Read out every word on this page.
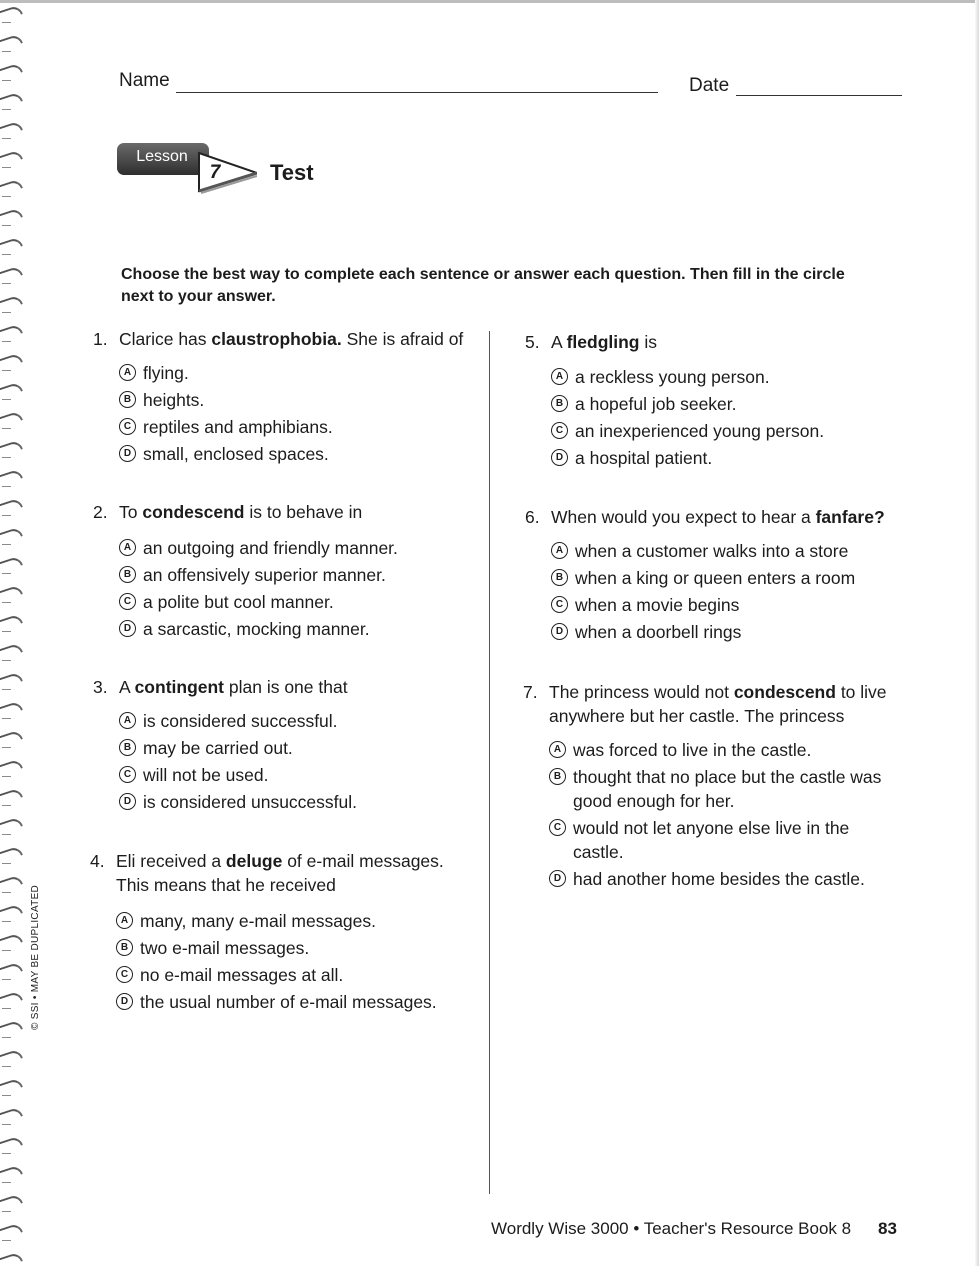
Name	Date
Lesson
7	Test
Choose the best way to complete each sentence or answer each question. Then fill in the circle next to your answer.
1. Clarice has claustrophobia. She is afraid of
A flying.
B heights.
C reptiles and amphibians.
D small, enclosed spaces.
2. To condescend is to behave in
A an outgoing and friendly manner.
B an offensively superior manner.
C a polite but cool manner.
D a sarcastic, mocking manner.
3. A contingent plan is one that
A is considered successful.
B may be carried out.
C will not be used.
D is considered unsuccessful.
4. Eli received a deluge of e-mail messages.
This means that he received
A many, many e-mail messages.
B two e-mail messages.
C no e-mail messages at all.
D the usual number of e-mail messages.
5. A fledgling is
A a reckless young person.
B a hopeful job seeker.
C an inexperienced young person.
D a hospital patient.
6. When would you expect to hear a fanfare?
A when a customer walks into a store
B when a king or queen enters a room
C when a movie begins
D when a doorbell rings
7. The princess would not condescend to live
anywhere but her castle. The princess
A was forced to live in the castle.
B thought that no place but the castle was
good enough for her.
C would not let anyone else live in the
castle.
D had another home besides the castle.
© SSI • MAY BE DUPLICATED
Wordly Wise 3000 • Teacher's Resource Book 8 83
